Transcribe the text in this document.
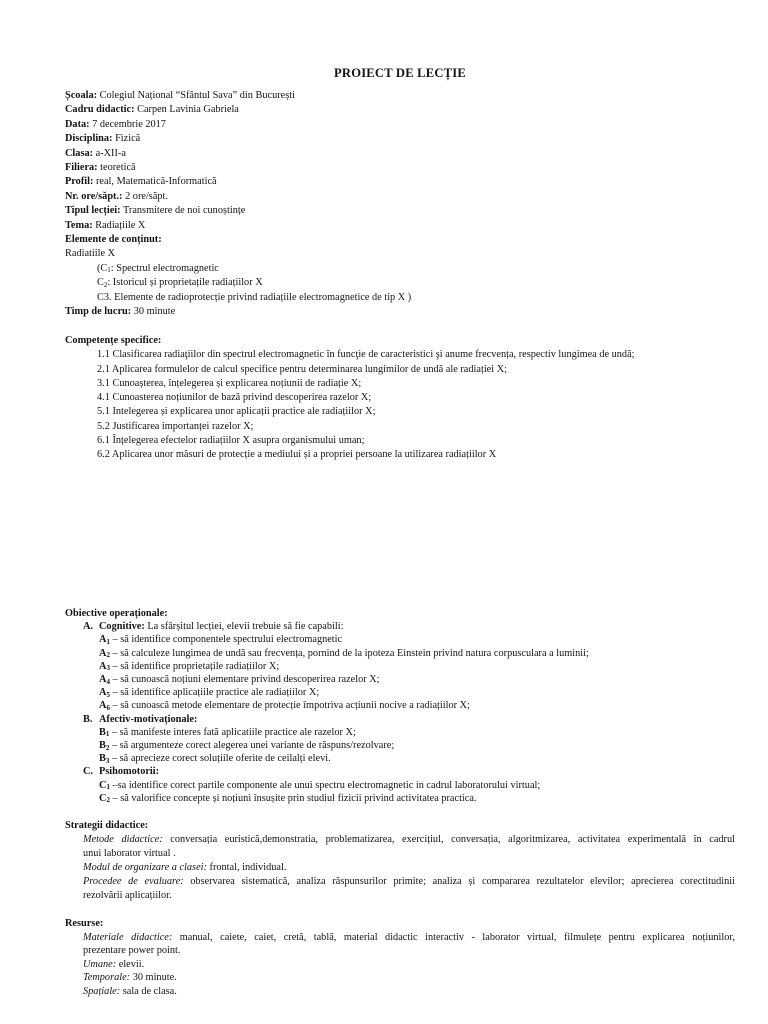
PROIECT DE LECȚIE
Școala: Colegiul Național “Sfântul Sava” din București
Cadru didactic: Carpen Lavinia Gabriela
Data: 7 decembrie 2017
Disciplina: Fizică
Clasa: a-XII-a
Filiera: teoretică
Profil: real, Matematică-Informatică
Nr. ore/săpt.: 2 ore/săpt.
Tipul lecției: Transmitere de noi cunoștințe
Tema: Radiațiile X
Elemente de conținut:
Radiatiile X
($C_1$: Spectrul electromagnetic
$C_2$: Istoricul și proprietațile radiațiilor X
C3. Elemente de radioprotecție privind radiațiile electromagnetice de tip X )
Timp de lucru: 30 minute
Competențe specifice:
1.1 Clasificarea radiaţiilor din spectrul electromagnetic în funcţie de caracteristici şi anume frecvența, respectiv lungimea de undă;
2.1 Aplicarea formulelor de calcul specifice pentru determinarea lungimilor de undă ale radiației X;
3.1 Cunoașterea, înțelegerea și explicarea noțiunii de radiație X;
4.1 Cunoasterea noțiunilor de bază privind descoperirea razelor X;
5.1 Intelegerea și explicarea unor aplicații practice ale radiațiilor X;
5.2 Justificarea importanței razelor X;
6.1 Înțelegerea efectelor radiațiilor X asupra organismului uman;
6.2 Aplicarea unor măsuri de protecție a mediului și a propriei persoane la utilizarea radiațiilor X
Obiective operaționale:
A. Cognitive: La sfârșitul lecției, elevii trebuie să fie capabili:
$A_1$ – să identifice componentele spectrului electromagnetic
$A_2$ – să calculeze lungimea de undă sau frecvența, pornind de la ipoteza Einstein privind natura corpusculara a luminii;
$A_3$ – să identifice proprietațile radiațiilor X;
$A_4$ – să cunoască noțiuni elementare privind descoperirea razelor X;
$A_5$ – să identifice aplicațiile practice ale radiațiilor X;
$A_6$ – să cunoască metode elementare de protecție împotriva acțiunii nocive a radiațiilor X;
B. Afectiv-motivaționale:
$B_1$ – să manifeste interes fată aplicatiile practice ale razelor X;
$B_2$ – să argumenteze corect alegerea unei variante de răspuns/rezolvare;
$B_3$ – să aprecieze corect soluțiile oferite de ceilalți elevi.
C. Psihomotorii:
$C_1$ –sa identifice corect partile componente ale unui spectru electromagnetic in cadrul laboratorului virtual;
$C_2$ – să valorifice concepte și noțiuni însușite prin studiul fizicii privind activitatea practica.
Strategii didactice:
Metode didactice: conversația euristică,demonstratia, problematizarea, exercițiul, conversația, algoritmizarea, activitatea experimentală în cadrul
unui laborator virtual .
Modul de organizare a clasei: frontal, individual.
Procedee de evaluare: observarea sistematică, analiza răspunsurilor primite; analiza și compararea rezultatelor elevilor; aprecierea corectitudinii
rezolvării aplicațiilor.
Resurse:
Materiale didactice: manual, caiete, caiet, cretă, tablă, material didactic interactiv - laborator virtual, filmulețe pentru explicarea noțiunilor,
prezentare power point.
Umane: elevii.
Temporale: 30 minute.
Spațiale: sala de clasa.
